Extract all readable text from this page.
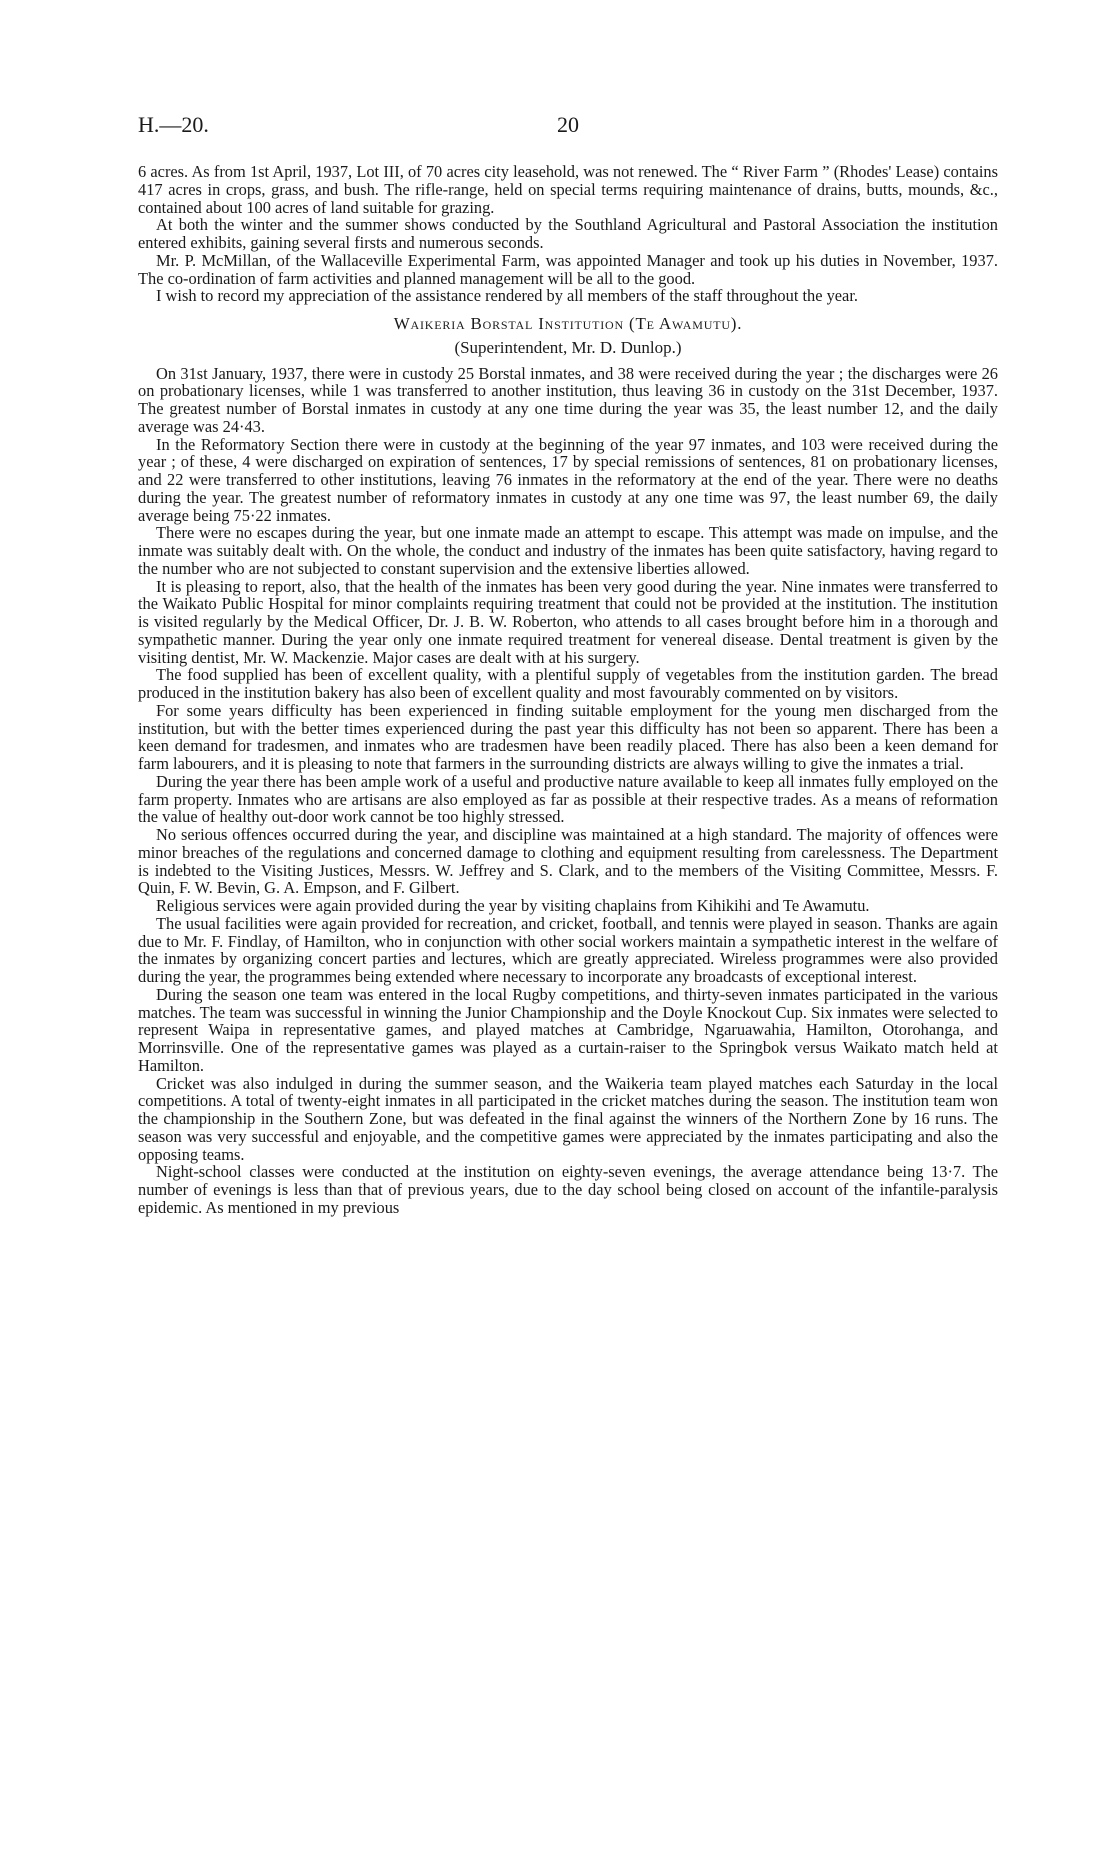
H.—20.	20

6 acres. As from 1st April, 1937, Lot III, of 70 acres city leasehold, was not renewed. The “ River Farm ” (Rhodes' Lease) contains 417 acres in crops, grass, and bush. The rifle-range, held on special terms requiring maintenance of drains, butts, mounds, &c., contained about 100 acres of land suitable for grazing.

At both the winter and the summer shows conducted by the Southland Agricultural and Pastoral Association the institution entered exhibits, gaining several firsts and numerous seconds.

Mr. P. McMillan, of the Wallaceville Experimental Farm, was appointed Manager and took up his duties in November, 1937. The co-ordination of farm activities and planned management will be all to the good.

I wish to record my appreciation of the assistance rendered by all members of the staff throughout the year.

Waikeria Borstal Institution (Te Awamutu).
(Superintendent, Mr. D. Dunlop.)

On 31st January, 1937, there were in custody 25 Borstal inmates, and 38 were received during the year ; the discharges were 26 on probationary licenses, while 1 was transferred to another institution, thus leaving 36 in custody on the 31st December, 1937. The greatest number of Borstal inmates in custody at any one time during the year was 35, the least number 12, and the daily average was 24·43.

In the Reformatory Section there were in custody at the beginning of the year 97 inmates, and 103 were received during the year ; of these, 4 were discharged on expiration of sentences, 17 by special remissions of sentences, 81 on probationary licenses, and 22 were transferred to other institutions, leaving 76 inmates in the reformatory at the end of the year. There were no deaths during the year. The greatest number of reformatory inmates in custody at any one time was 97, the least number 69, the daily average being 75·22 inmates.

There were no escapes during the year, but one inmate made an attempt to escape. This attempt was made on impulse, and the inmate was suitably dealt with. On the whole, the conduct and industry of the inmates has been quite satisfactory, having regard to the number who are not subjected to constant supervision and the extensive liberties allowed.

It is pleasing to report, also, that the health of the inmates has been very good during the year. Nine inmates were transferred to the Waikato Public Hospital for minor complaints requiring treatment that could not be provided at the institution. The institution is visited regularly by the Medical Officer, Dr. J. B. W. Roberton, who attends to all cases brought before him in a thorough and sympathetic manner. During the year only one inmate required treatment for venereal disease. Dental treatment is given by the visiting dentist, Mr. W. Mackenzie. Major cases are dealt with at his surgery.

The food supplied has been of excellent quality, with a plentiful supply of vegetables from the institution garden. The bread produced in the institution bakery has also been of excellent quality and most favourably commented on by visitors.

For some years difficulty has been experienced in finding suitable employment for the young men discharged from the institution, but with the better times experienced during the past year this difficulty has not been so apparent. There has been a keen demand for tradesmen, and inmates who are tradesmen have been readily placed. There has also been a keen demand for farm labourers, and it is pleasing to note that farmers in the surrounding districts are always willing to give the inmates a trial.

During the year there has been ample work of a useful and productive nature available to keep all inmates fully employed on the farm property. Inmates who are artisans are also employed as far as possible at their respective trades. As a means of reformation the value of healthy out-door work cannot be too highly stressed.

No serious offences occurred during the year, and discipline was maintained at a high standard. The majority of offences were minor breaches of the regulations and concerned damage to clothing and equipment resulting from carelessness. The Department is indebted to the Visiting Justices, Messrs. W. Jeffrey and S. Clark, and to the members of the Visiting Committee, Messrs. F. Quin, F. W. Bevin, G. A. Empson, and F. Gilbert.

Religious services were again provided during the year by visiting chaplains from Kihikihi and Te Awamutu.

The usual facilities were again provided for recreation, and cricket, football, and tennis were played in season. Thanks are again due to Mr. F. Findlay, of Hamilton, who in conjunction with other social workers maintain a sympathetic interest in the welfare of the inmates by organizing concert parties and lectures, which are greatly appreciated. Wireless programmes were also provided during the year, the programmes being extended where necessary to incorporate any broadcasts of exceptional interest.

During the season one team was entered in the local Rugby competitions, and thirty-seven inmates participated in the various matches. The team was successful in winning the Junior Championship and the Doyle Knockout Cup. Six inmates were selected to represent Waipa in representative games, and played matches at Cambridge, Ngaruawahia, Hamilton, Otorohanga, and Morrinsville. One of the representative games was played as a curtain-raiser to the Springbok versus Waikato match held at Hamilton.

Cricket was also indulged in during the summer season, and the Waikeria team played matches each Saturday in the local competitions. A total of twenty-eight inmates in all participated in the cricket matches during the season. The institution team won the championship in the Southern Zone, but was defeated in the final against the winners of the Northern Zone by 16 runs. The season was very successful and enjoyable, and the competitive games were appreciated by the inmates participating and also the opposing teams.

Night-school classes were conducted at the institution on eighty-seven evenings, the average attendance being 13·7. The number of evenings is less than that of previous years, due to the day school being closed on account of the infantile-paralysis epidemic. As mentioned in my previous
